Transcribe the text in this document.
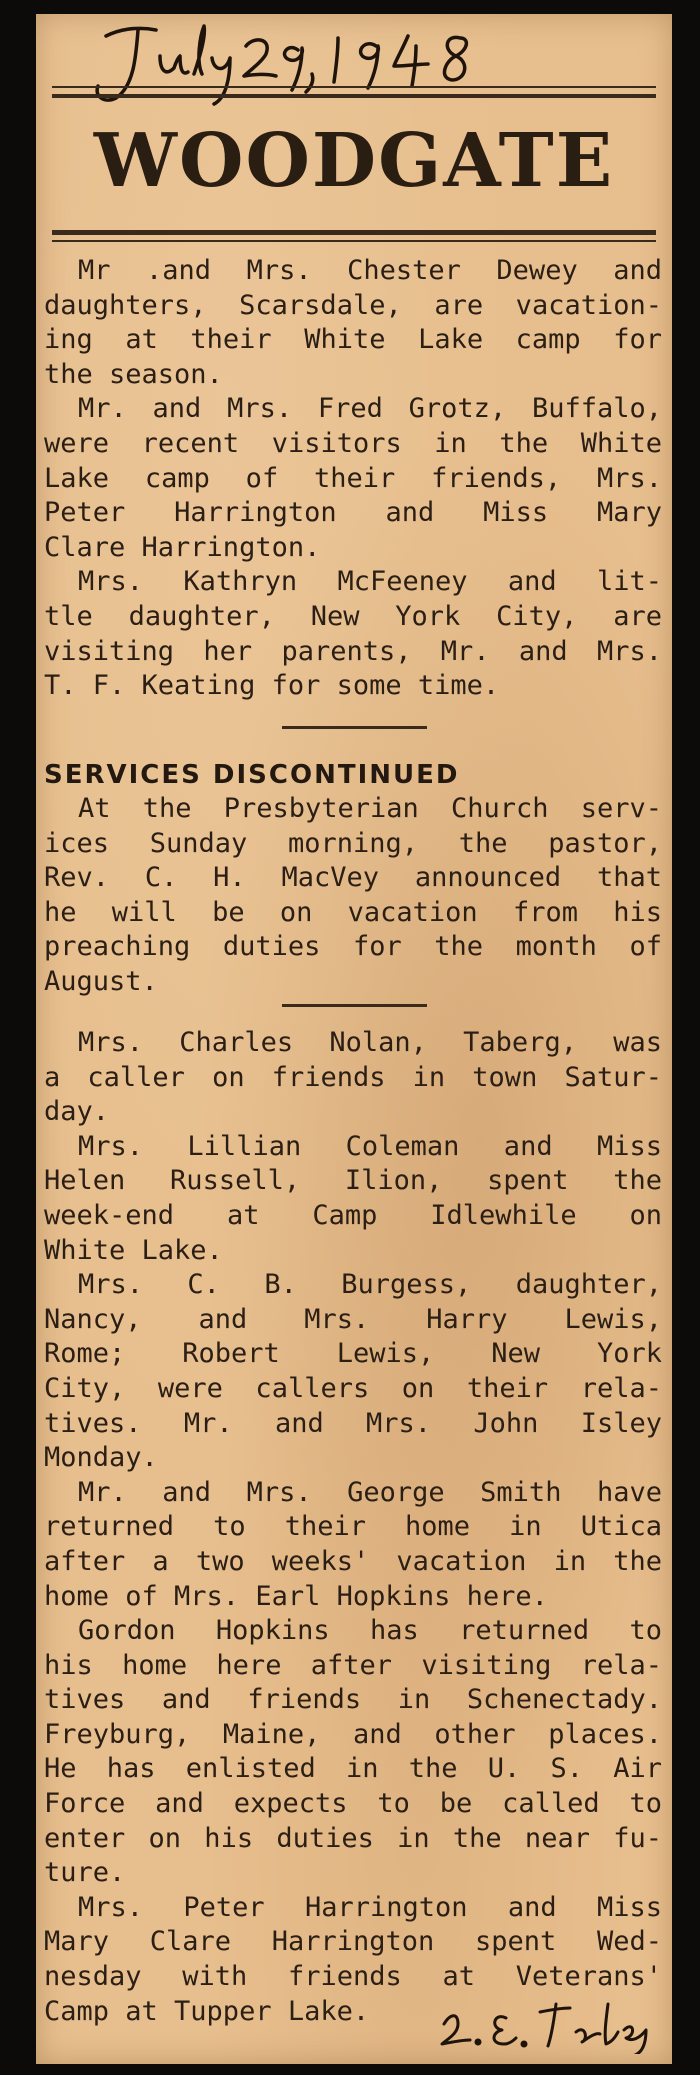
WOODGATE
Mr .and Mrs. Chester Dewey and
daughters, Scarsdale, are vacation-
ing at their White Lake camp for
the season.
Mr. and Mrs. Fred Grotz, Buffalo,
were recent visitors in the White
Lake camp of their friends, Mrs.
Peter Harrington and Miss Mary
Clare Harrington.
Mrs. Kathryn McFeeney and lit-
tle daughter, New York City, are
visiting her parents, Mr. and Mrs.
T. F. Keating for some time.
SERVICES DISCONTINUED
At the Presbyterian Church serv-
ices Sunday morning, the pastor,
Rev. C. H. MacVey announced that
he will be on vacation from his
preaching duties for the month of
August.
Mrs. Charles Nolan, Taberg, was
a caller on friends in town Satur-
day.
Mrs. Lillian Coleman and Miss
Helen Russell, Ilion, spent the
week-end at Camp Idlewhile on
White Lake.
Mrs. C. B. Burgess, daughter,
Nancy, and Mrs. Harry Lewis,
Rome; Robert Lewis, New York
City, were callers on their rela-
tives. Mr. and Mrs. John Isley
Monday.
Mr. and Mrs. George Smith have
returned to their home in Utica
after a two weeks' vacation in the
home of Mrs. Earl Hopkins here.
Gordon Hopkins has returned to
his home here after visiting rela-
tives and friends in Schenectady.
Freyburg, Maine, and other places.
He has enlisted in the U. S. Air
Force and expects to be called to
enter on his duties in the near fu-
ture.
Mrs. Peter Harrington and Miss
Mary Clare Harrington spent Wed-
nesday with friends at Veterans'
Camp at Tupper Lake.
